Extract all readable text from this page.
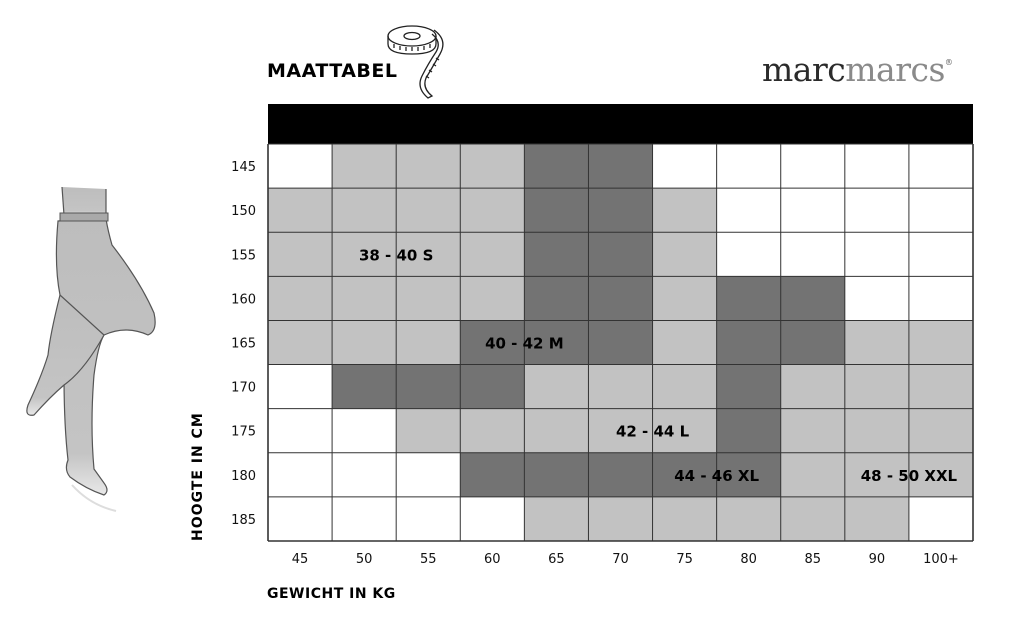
MAATTABEL	marcmarcs®
145
150
155
160
165
170
175
180
185
45	50	55	60	65	70	75	80	85	90	100+
38 - 40 S
40 - 42 M
42 - 44 L
44 - 46 XL	48 - 50 XXL
HOOGTE IN CM
GEWICHT IN KG
